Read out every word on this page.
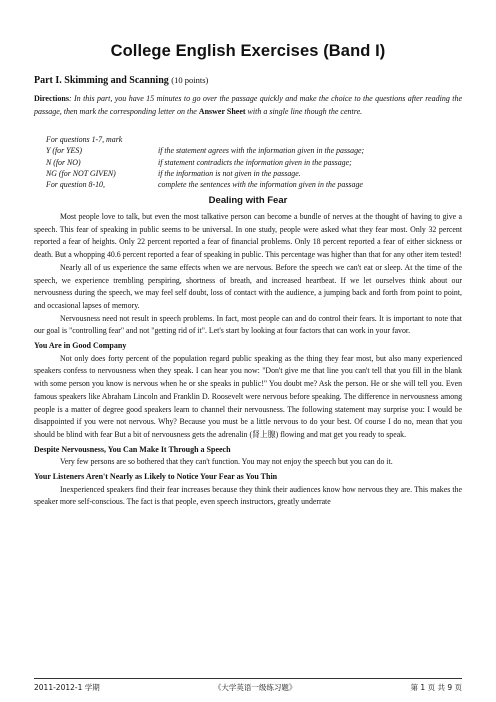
College English Exercises (Band I)
Part I. Skimming and Scanning (10 points)
Directions: In this part, you have 15 minutes to go over the passage quickly and make the choice to the questions after reading the passage, then mark the corresponding letter on the Answer Sheet with a single line though the centre.
For questions 1-7, mark
Y (for YES)	if the statement agrees with the information given in the passage;
N (for NO)	if statement contradicts the information given in the passage;
NG (for NOT GIVEN)	if the information is not given in the passage.
For question 8-10,	complete the sentences with the information given in the passage
Dealing with Fear

Most people love to talk, but even the most talkative person can become a bundle of nerves at the thought of having to give a speech. This fear of speaking in public seems to be universal. In one study, people were asked what they fear most. Only 32 percent reported a fear of heights. Only 22 percent reported a fear of financial problems. Only 18 percent reported a fear of either sickness or death. But a whopping 40.6 percent reported a fear of speaking in public. This percentage was higher than that for any other item tested!

Nearly all of us experience the same effects when we are nervous. Before the speech we can't eat or sleep. At the time of the speech, we experience trembling perspiring, shortness of breath, and increased heartbeat. If we let ourselves think about our nervousness during the speech, we may feel self doubt, loss of contact with the audience, a jumping back and forth from point to point, and occasional lapses of memory.

Nervousness need not result in speech problems. In fact, most people can and do control their fears. It is important to note that our goal is "controlling fear" and not "getting rid of it". Let's start by looking at four factors that can work in your favor.

You Are in Good Company

Not only does forty percent of the population regard public speaking as the thing they fear most, but also many experienced speakers confess to nervousness when they speak. I can hear you now: "Don't give me that line you can't tell that you fill in the blank with some person you know is nervous when he or she speaks in public!" You doubt me? Ask the person. He or she will tell you. Even famous speakers like Abraham Lincoln and Franklin D. Roosevelt were nervous before speaking. The difference in nervousness among people is a matter of degree good speakers learn to channel their nervousness. The following statement may surprise you: I would be disappointed if you were not nervous. Why? Because you must be a little nervous to do your best. Of course I do no, mean that you should be blind with fear But a bit of nervousness gets the adrenalin (肾上腺) flowing and mat get you ready to speak.

Despite Nervousness, You Can Make It Through a Speech

Very few persons are so bothered that they can't function. You may not enjoy the speech but you can do it.

Your Listeners Aren't Nearly as Likely to Notice Your Fear as You Thin

Inexperienced speakers find their fear increases because they think their audiences know how nervous they are. This makes the speaker more self-conscious. The fact is that people, even speech instructors, greatly underrate

2011-2012-1 学期	《大学英语一级练习题》	第 1 页 共 9 页
